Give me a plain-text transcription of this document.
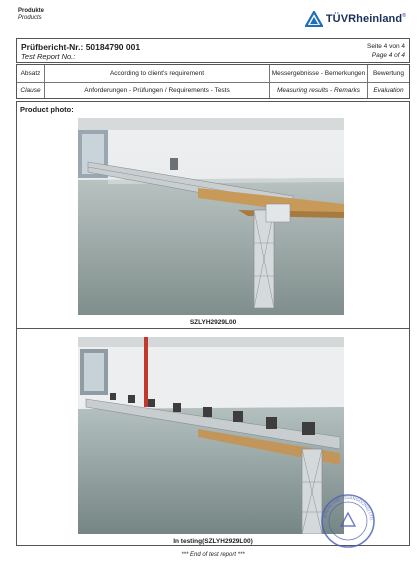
Produkte
Products	TÜVRheinland®
Prüfbericht-Nr.: 50184790 001
Test Report No.:
Seite 4 von 4
Page 4 of 4
Absatz	According to client's requirement	Messergebnisse - Bemerkungen	Bewertung
Clause	Anforderungen - Prüfungen / Requirements - Tests	Measuring results - Remarks	Evaluation
Product photo:
SZLYH2929L00
In testing(SZLYH2929L00)
RHEINLAND (GUANGDONG) LTD.
*** End of test report ***
